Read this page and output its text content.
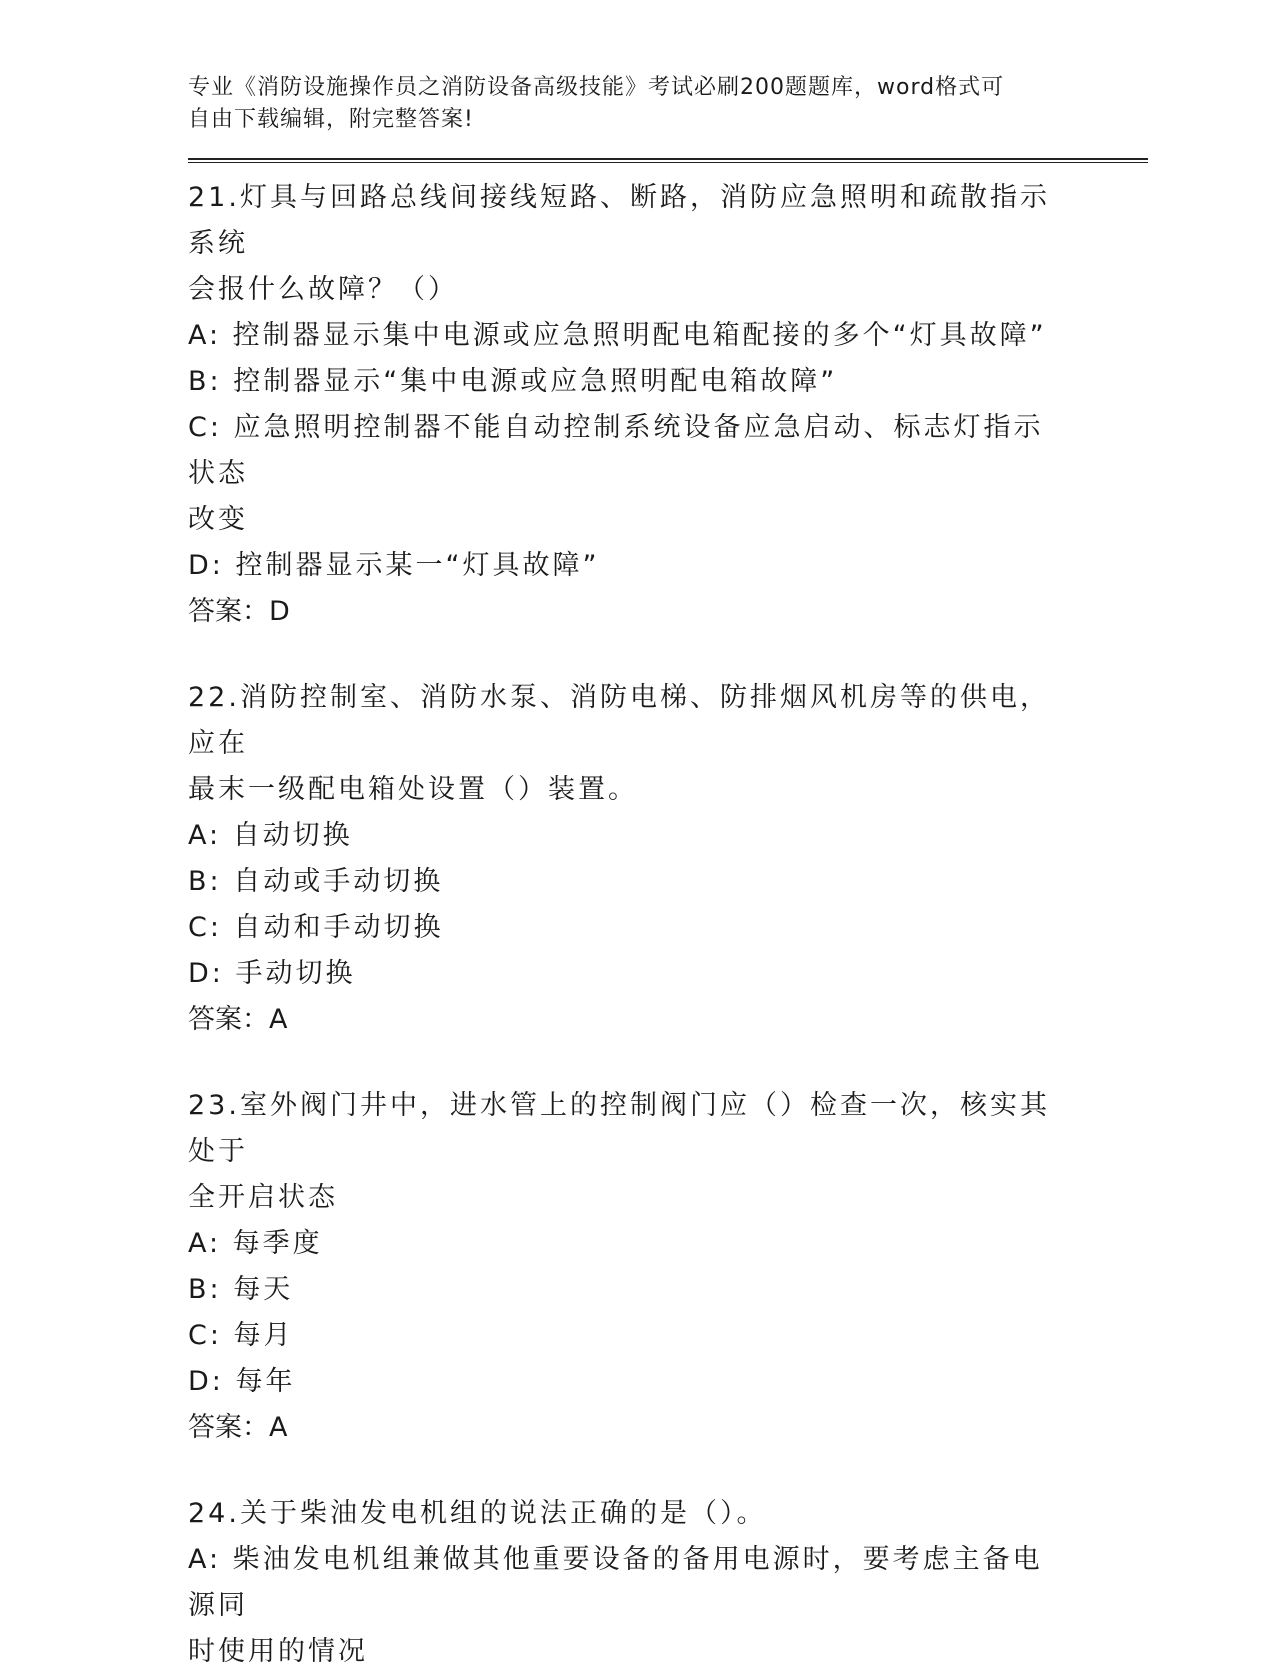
专业《消防设施操作员之消防设备高级技能》考试必刷200题题库，word格式可
自由下载编辑，附完整答案!

21.灯具与回路总线间接线短路、断路，消防应急照明和疏散指示系统

会报什么故障？（）

A: 控制器显示集中电源或应急照明配电箱配接的多个“灯具故障”

B: 控制器显示“集中电源或应急照明配电箱故障”

C: 应急照明控制器不能自动控制系统设备应急启动、标志灯指示状态

改变

D: 控制器显示某一“灯具故障”

答案：D

22.消防控制室、消防水泵、消防电梯、防排烟风机房等的供电，应在

最末一级配电箱处设置（）装置。

A: 自动切换

B: 自动或手动切换

C: 自动和手动切换

D: 手动切换

答案：A

23.室外阀门井中，进水管上的控制阀门应（）检查一次，核实其处于

全开启状态

A: 每季度

B: 每天

C: 每月

D: 每年

答案：A

24.关于柴油发电机组的说法正确的是（）。

A: 柴油发电机组兼做其他重要设备的备用电源时，要考虑主备电源同

时使用的情况
